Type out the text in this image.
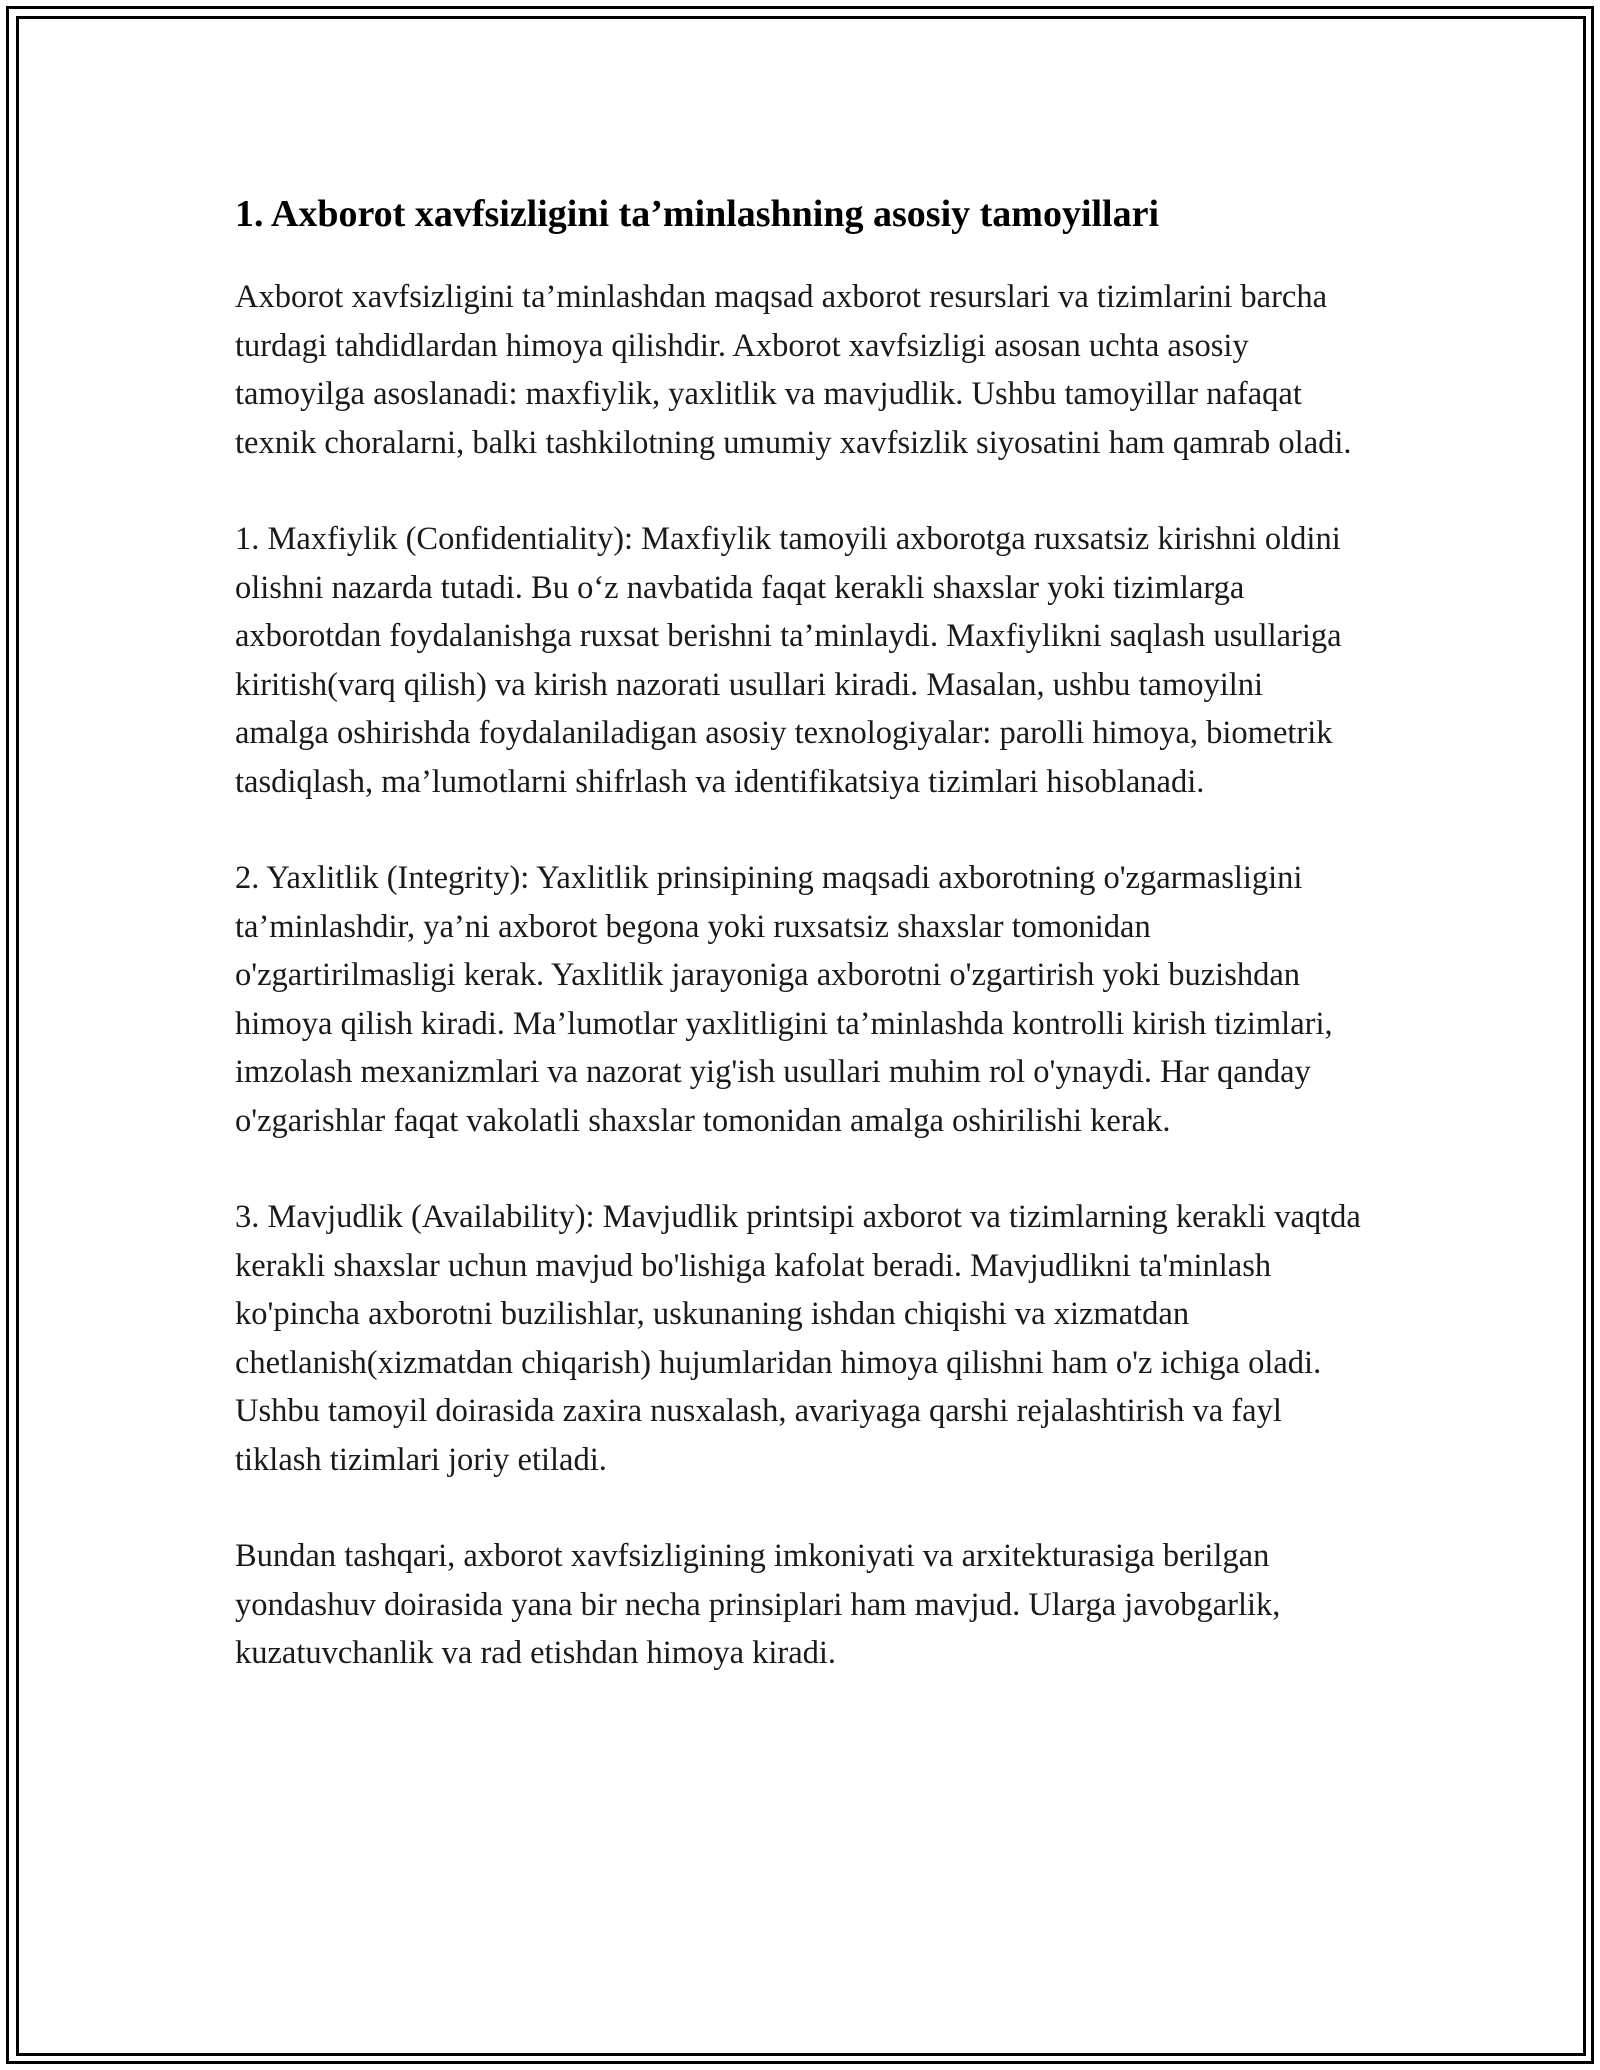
1. Axborot xavfsizligini ta’minlashning asosiy tamoyillari

Axborot xavfsizligini ta’minlashdan maqsad axborot resurslari va tizimlarini barcha turdagi tahdidlardan himoya qilishdir. Axborot xavfsizligi asosan uchta asosiy tamoyilga asoslanadi: maxfiylik, yaxlitlik va mavjudlik. Ushbu tamoyillar nafaqat texnik choralarni, balki tashkilotning umumiy xavfsizlik siyosatini ham qamrab oladi.

1. Maxfiylik (Confidentiality): Maxfiylik tamoyili axborotga ruxsatsiz kirishni oldini olishni nazarda tutadi. Bu o‘z navbatida faqat kerakli shaxslar yoki tizimlarga axborotdan foydalanishga ruxsat berishni ta’minlaydi. Maxfiylikni saqlash usullariga kiritish(varq qilish) va kirish nazorati usullari kiradi. Masalan, ushbu tamoyilni amalga oshirishda foydalaniladigan asosiy texnologiyalar: parolli himoya, biometrik tasdiqlash, ma’lumotlarni shifrlash va identifikatsiya tizimlari hisoblanadi.

2. Yaxlitlik (Integrity): Yaxlitlik prinsipining maqsadi axborotning o'zgarmasligini ta’minlashdir, ya’ni axborot begona yoki ruxsatsiz shaxslar tomonidan o'zgartirilmasligi kerak. Yaxlitlik jarayoniga axborotni o'zgartirish yoki buzishdan himoya qilish kiradi. Ma’lumotlar yaxlitligini ta’minlashda kontrolli kirish tizimlari, imzolash mexanizmlari va nazorat yig'ish usullari muhim rol o'ynaydi. Har qanday o'zgarishlar faqat vakolatli shaxslar tomonidan amalga oshirilishi kerak.

3. Mavjudlik (Availability): Mavjudlik printsipi axborot va tizimlarning kerakli vaqtda kerakli shaxslar uchun mavjud bo'lishiga kafolat beradi. Mavjudlikni ta'minlash ko'pincha axborotni buzilishlar, uskunaning ishdan chiqishi va xizmatdan chetlanish(xizmatdan chiqarish) hujumlaridan himoya qilishni ham o'z ichiga oladi. Ushbu tamoyil doirasida zaxira nusxalash, avariyaga qarshi rejalashtirish va fayl tiklash tizimlari joriy etiladi.

Bundan tashqari, axborot xavfsizligining imkoniyati va arxitekturasiga berilgan yondashuv doirasida yana bir necha prinsiplari ham mavjud. Ularga javobgarlik, kuzatuvchanlik va rad etishdan himoya kiradi.
